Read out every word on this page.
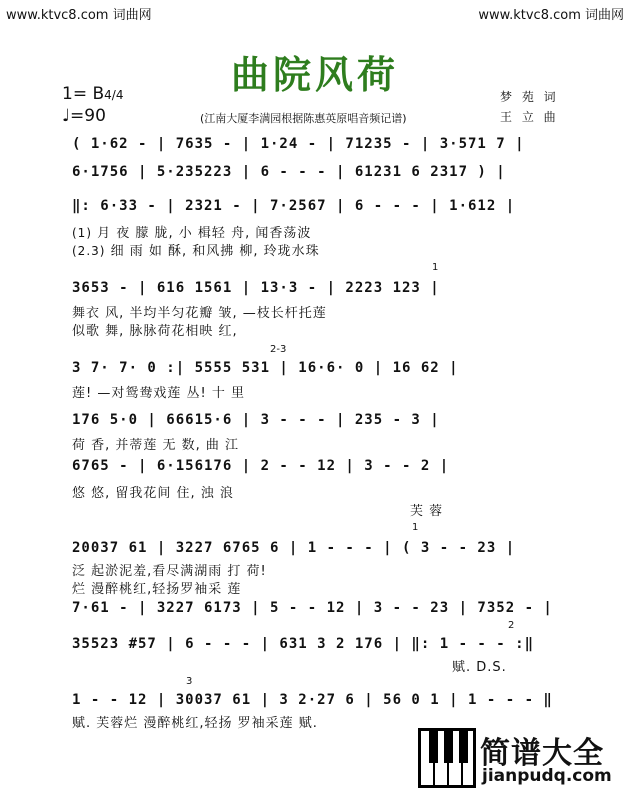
www.ktvc8.com 词曲网	www.ktvc8.com 词曲网
曲院风荷
1= B4/4
♩=90
梦 苑 词
王 立 曲
(江南大厦李满园根据陈惠英原唱音频记谱)
( 1·62 - | 7635 - | 1·24 - | 71235 - | 3·571 7 |
6·1756 | 5·235223 | 6 - - - | 61231 6 2317 ) |
‖: 6·33 - | 2321 - | 7·2567 | 6 - - - | 1·612 |
(1) 月 夜 朦 胧, 小 楫轻 舟, 闻香荡波
(2.3) 细 雨 如 酥, 和风拂 柳, 玲珑水珠
1
3653 - | 616 1561 | 13·3 - | 2223 123 |
舞衣 风, 半均半匀花瓣 皱, —枝长杆托莲
似歌 舞, 脉脉荷花相映 红,
2-3
3 7· 7· 0 :| 5555 531 | 16·6· 0 | 16 62 |
莲! —对鸳鸯戏莲 丛! 十 里
176 5·0 | 66615·6 | 3 - - - | 235 - 3 |
荷 香, 并蒂莲 无 数, 曲 江
6765 - | 6·156176 | 2 - - 12 | 3 - - 2 |
悠 悠, 留我花间 住, 浊 浪
芙 蓉
1
20037 61 | 3227 6765 6 | 1 - - - | ( 3 - - 23 |
泛 起淤泥羞,看尽满湖雨 打 荷!
烂 漫醉桃红,轻扬罗袖采 莲
7·61 - | 3227 6173 | 5 - - 12 | 3 - - 23 | 7352 - |
2
35523 #57 | 6 - - - | 631 3 2 176 | ‖: 1 - - - :‖
赋. D.S.
3
1 - - 12 | 30037 61 | 3 2·27 6 | 56 0 1 | 1 - - - ‖
赋. 芙蓉烂 漫醉桃红,轻扬 罗袖采莲 赋.
简谱大全
jianpudq.com
